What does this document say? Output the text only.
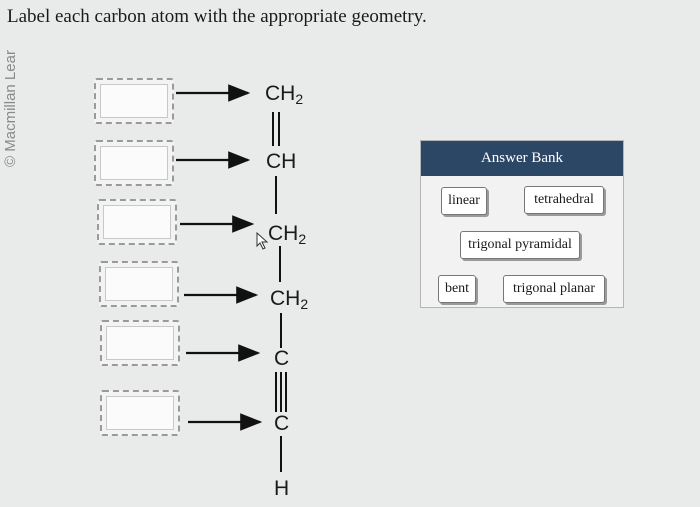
Label each carbon atom with the appropriate geometry.
© Macmillan Lear	$CH_2$
CH
$CH_2$
$CH_2$
C
C
H
Answer Bank
linear	tetrahedral
trigonal pyramidal
bent	trigonal planar
